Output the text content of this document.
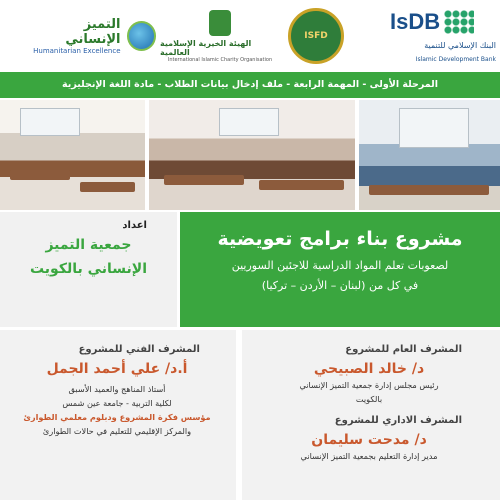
التميز الإنساني
Humanitarian Excellence
الهيئة الخيرية الإسلامية العالمية
International Islamic Charity Organisation
ISFD
IsDB
البنك الإسلامي للتنمية
Islamic Development Bank
المرحلة الأولى - المهمة الرابعة - ملف إدخال بيانات الطلاب - مادة اللغة الإنجليزية
اعداد
جمعية التميز
الإنساني بالكويت
مشروع بناء برامج تعويضية
لصعوبات تعلم المواد الدراسية للاجئين السوريين
في كل من (لبنان – الأردن – تركيا)
المشرف الفني للمشروع
أ.د/ علي أحمد الجمل
أستاذ المناهج والعميد الأسبق
لكلية التربية - جامعة عين شمس
مؤسس فكرة المشروع ودبلوم معلمي الطوارئ
والمركز الإقليمي للتعليم في حالات الطوارئ
المشرف العام للمشروع
د/ خالد الصبيحي
رئيس مجلس إدارة جمعية التميز الإنساني
بالكويت
المشرف الاداري للمشروع
د/ مدحت سليمان
مدير إدارة التعليم بجمعية التميز الإنساني
